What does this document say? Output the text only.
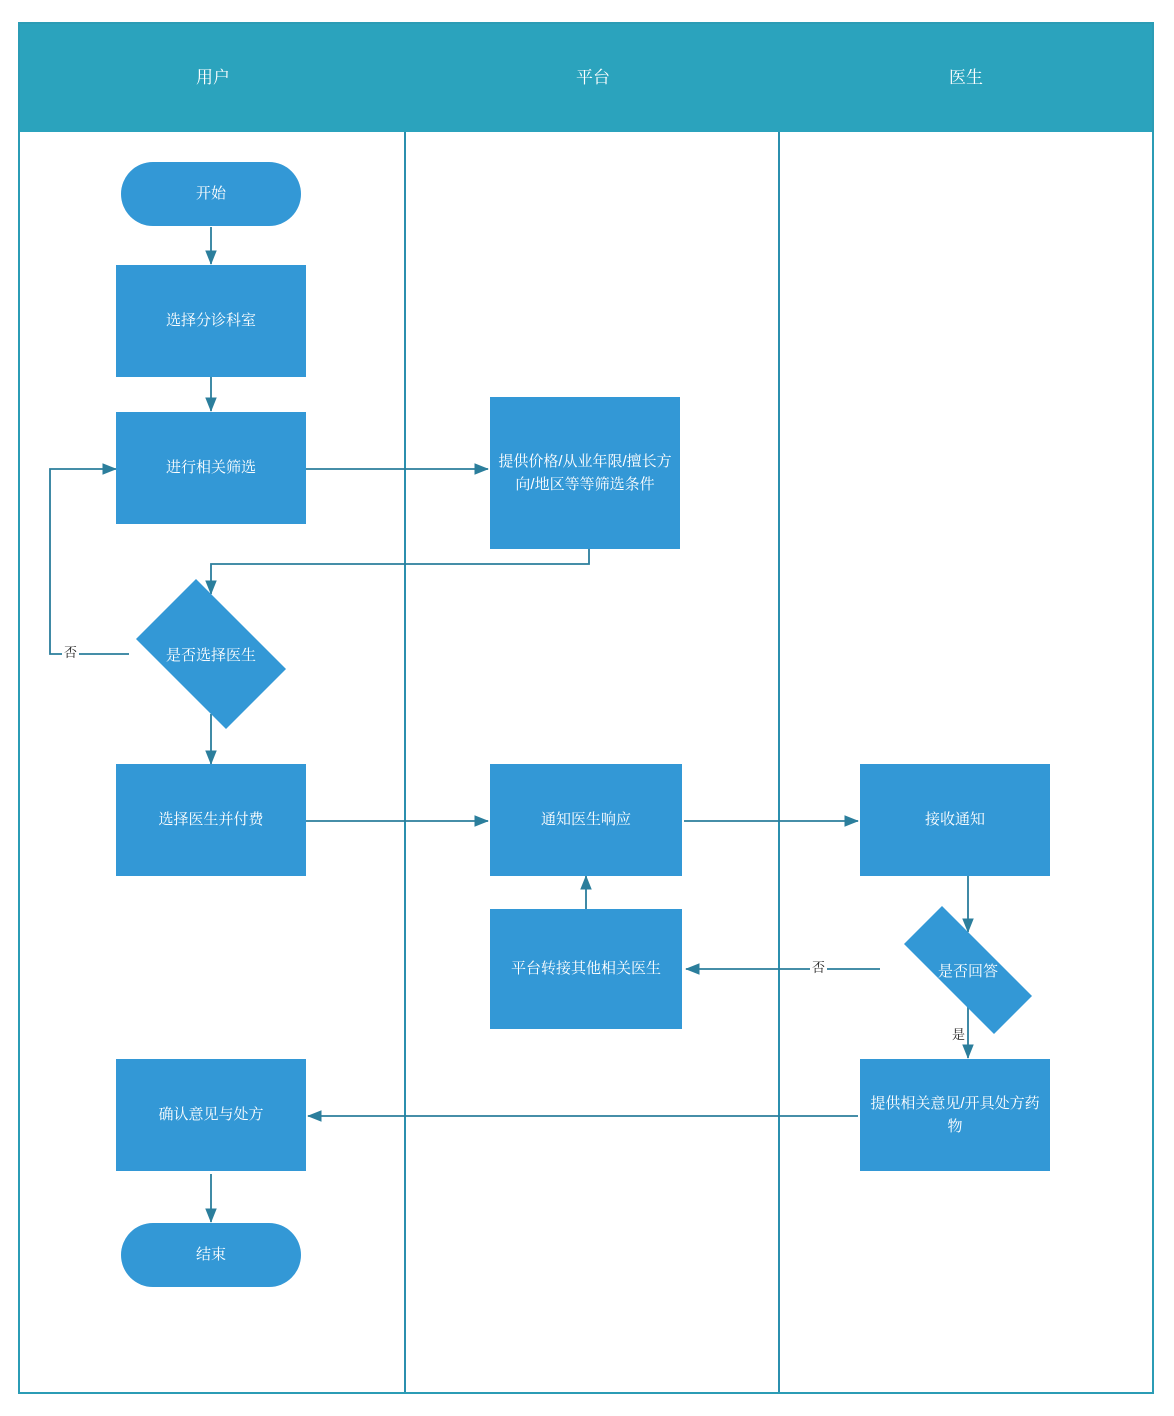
用户	平台	医生
开始
选择分诊科室
进行相关筛选	提供价格/从业年限/擅长方向/地区等等筛选条件
是否选择医生
否
选择医生并付费	通知医生响应	接收通知
平台转接其他相关医生	是否回答
否
是
提供相关意见/开具处方药物
确认意见与处方
结束
